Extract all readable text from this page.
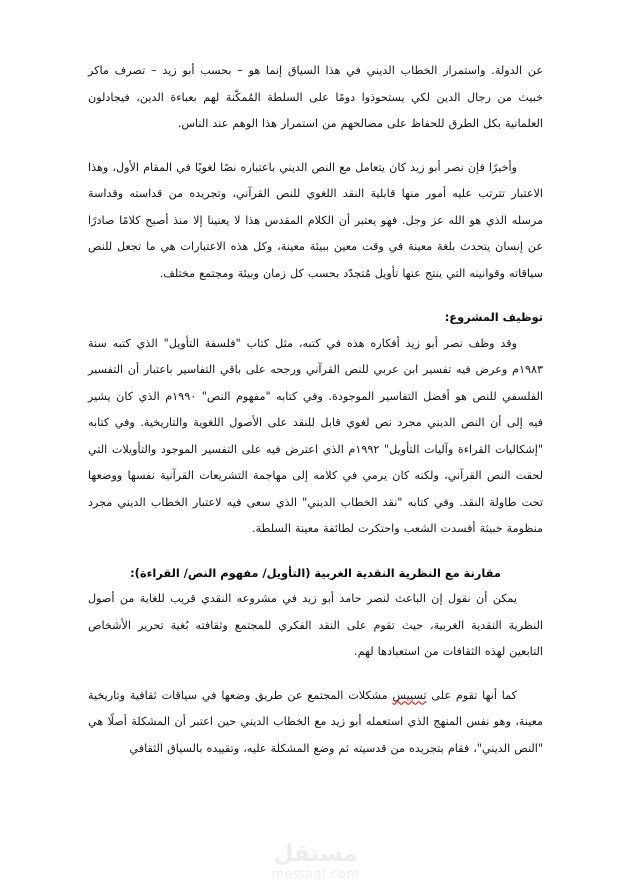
عن الدولة. واستمرار الخطاب الديني في هذا السياق إنما هو – بحسب أبو زيد – تصرف ماكر خبيث من رجال الدين لكي يستحوذوا دومًا على السلطة المُمكّنة لهم بعباءة الدين، فيجادلون العلمانية بكل الطرق للحفاظ على مصالحهم من استمرار هذا الوهم عند الناس.

وأخيرًا فإن نصر أبو زيد كان يتعامل مع النص الديني باعتباره نصًا لغويًا في المقام الأول، وهذا الاعتبار تترتب عليه أمور منها قابلية النقد اللغوي للنص القرآني، وتجريده من قداسته وقداسة مرسله الذي هو الله عز وجل. فهو يعتبر أن الكلام المقدس هذا لا يعنينا إلا منذ أصبح كلامًا صادرًا عن إنسان يتحدث بلغة معينة في وقت معين ببيئة معينة، وكل هذه الاعتبارات هي ما تجعل للنص سياقاته وقوانينه التي ينتج عنها تأويل مُتجدّد بحسب كل زمان وبيئة ومجتمع مختلف.

توظيف المشروع:

وقد وظف نصر أبو زيد أفكاره هذه في كتبه، مثل كتاب "فلسفة التأويل" الذي كتبه سنة ١٩٨٣م وعرض فيه تفسير ابن عربي للنص القرآني ورجحه على باقي التفاسير باعتبار أن التفسير الفلسفي للنص هو أفضل التفاسير الموجودة. وفي كتابه "مفهوم النص" ١٩٩٠م الذي كان يشير فيه إلى أن النص الديني مجرد نص لغوي قابل للنقد على الأصول اللغوية والتاريخية. وفي كتابه "إشكاليات القراءة وآليات التأويل" ١٩٩٢م الذي اعترض فيه على التفسير الموجود والتأويلات التي لحقت النص القرآني، ولكنه كان يرمي في كلامه إلى مهاجمة التشريعات القرآنية نفسها ووضعها تحت طاولة النقد. وفي كتابه "نقد الخطاب الديني" الذي سعى فيه لاعتبار الخطاب الديني مجرد منظومة خبيثة أفسدت الشعب واحتكرت لطائفة معينة السلطة.

مقارنة مع النظرية النقدية الغربية (التأويل/ مفهوم النص/ القراءة):

يمكن أن نقول إن الباعث لنصر حامد أبو زيد في مشروعه النقدي قريب للغاية من أصول النظرية النقدية الغربية، حيث تقوم على النقد الفكري للمجتمع وثقافته بُغية تحرير الأشخاص التابعين لهذه الثقافات من استعبادها لهم.

كما أنها تقوم على تسييس مشكلات المجتمع عن طريق وضعها في سياقات ثقافية وتاريخية معينة، وهو نفس المنهج الذي استعمله أبو زيد مع الخطاب الديني حين اعتبر أن المشكلة أصلًا هي "النص الديني"، فقام بتجريده من قدسيته ثم وضع المشكلة عليه، وتقييده بالسياق الثقافي

مستقل
mostaql.com
